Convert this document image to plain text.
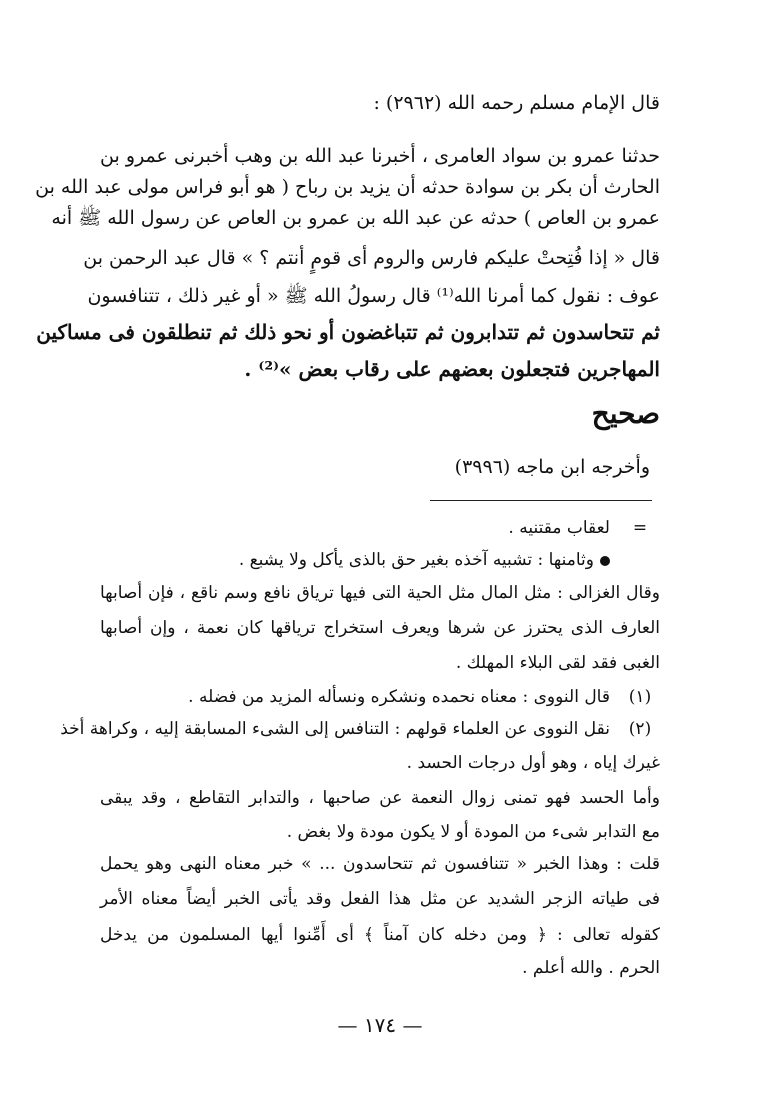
قال الإمام مسلم رحمه الله (٢٩٦٢) :
حدثنا عمرو بن سواد العامرى ، أخبرنا عبد الله بن وهب أخبرنى عمرو بن
الحارث أن بكر بن سوادة حدثه أن يزيد بن رباح ( هو أبو فراس مولى عبد الله بن
عمرو بن العاص ) حدثه عن عبد الله بن عمرو بن العاص عن رسول الله ﷺ أنه
قال « إذا فُتِحتْ عليكم فارس والروم أى قومٍ أنتم ؟ » قال عبد الرحمن بن
عوف : نقول كما أمرنا الله⁽¹⁾ قال رسولُ الله ﷺ « أو غير ذلك ، تتنافسون
ثم تتحاسدون ثم تتدابرون ثم تتباغضون أو نحو ذلك ثم تنطلقون فى مساكين
المهاجرين فتجعلون بعضهم على رقاب بعض »⁽²⁾ .
صحيح
وأخرجه ابن ماجه (٣٩٩٦)
=
لعقاب مقتنيه .
وثامنها : تشبيه آخذه بغير حق بالذى يأكل ولا يشبع .
وقال الغزالى : مثل المال مثل الحية التى فيها ترياق نافع وسم ناقع ، فإن أصابها
العارف الذى يحترز عن شرها ويعرف استخراج ترياقها كان نعمة ، وإن أصابها
الغبى فقد لقى البلاء المهلك .
(١)
قال النووى : معناه نحمده ونشكره ونسأله المزيد من فضله .
(٢)
نقل النووى عن العلماء قولهم : التنافس إلى الشىء المسابقة إليه ، وكراهة أخذ
غيرك إياه ، وهو أول درجات الحسد .
وأما الحسد فهو تمنى زوال النعمة عن صاحبها ، والتدابر التقاطع ، وقد يبقى
مع التدابر شىء من المودة أو لا يكون مودة ولا بغض .
قلت : وهذا الخبر « تتنافسون ثم تتحاسدون ... » خبر معناه النهى وهو يحمل
فى طياته الزجر الشديد عن مثل هذا الفعل وقد يأتى الخبر أيضاً معناه الأمر
كقوله تعالى : ﴿ ومن دخله كان آمناً ﴾ أى أَمِّنوا أيها المسلمون من يدخل
الحرم . والله أعلم .
— ١٧٤ —
